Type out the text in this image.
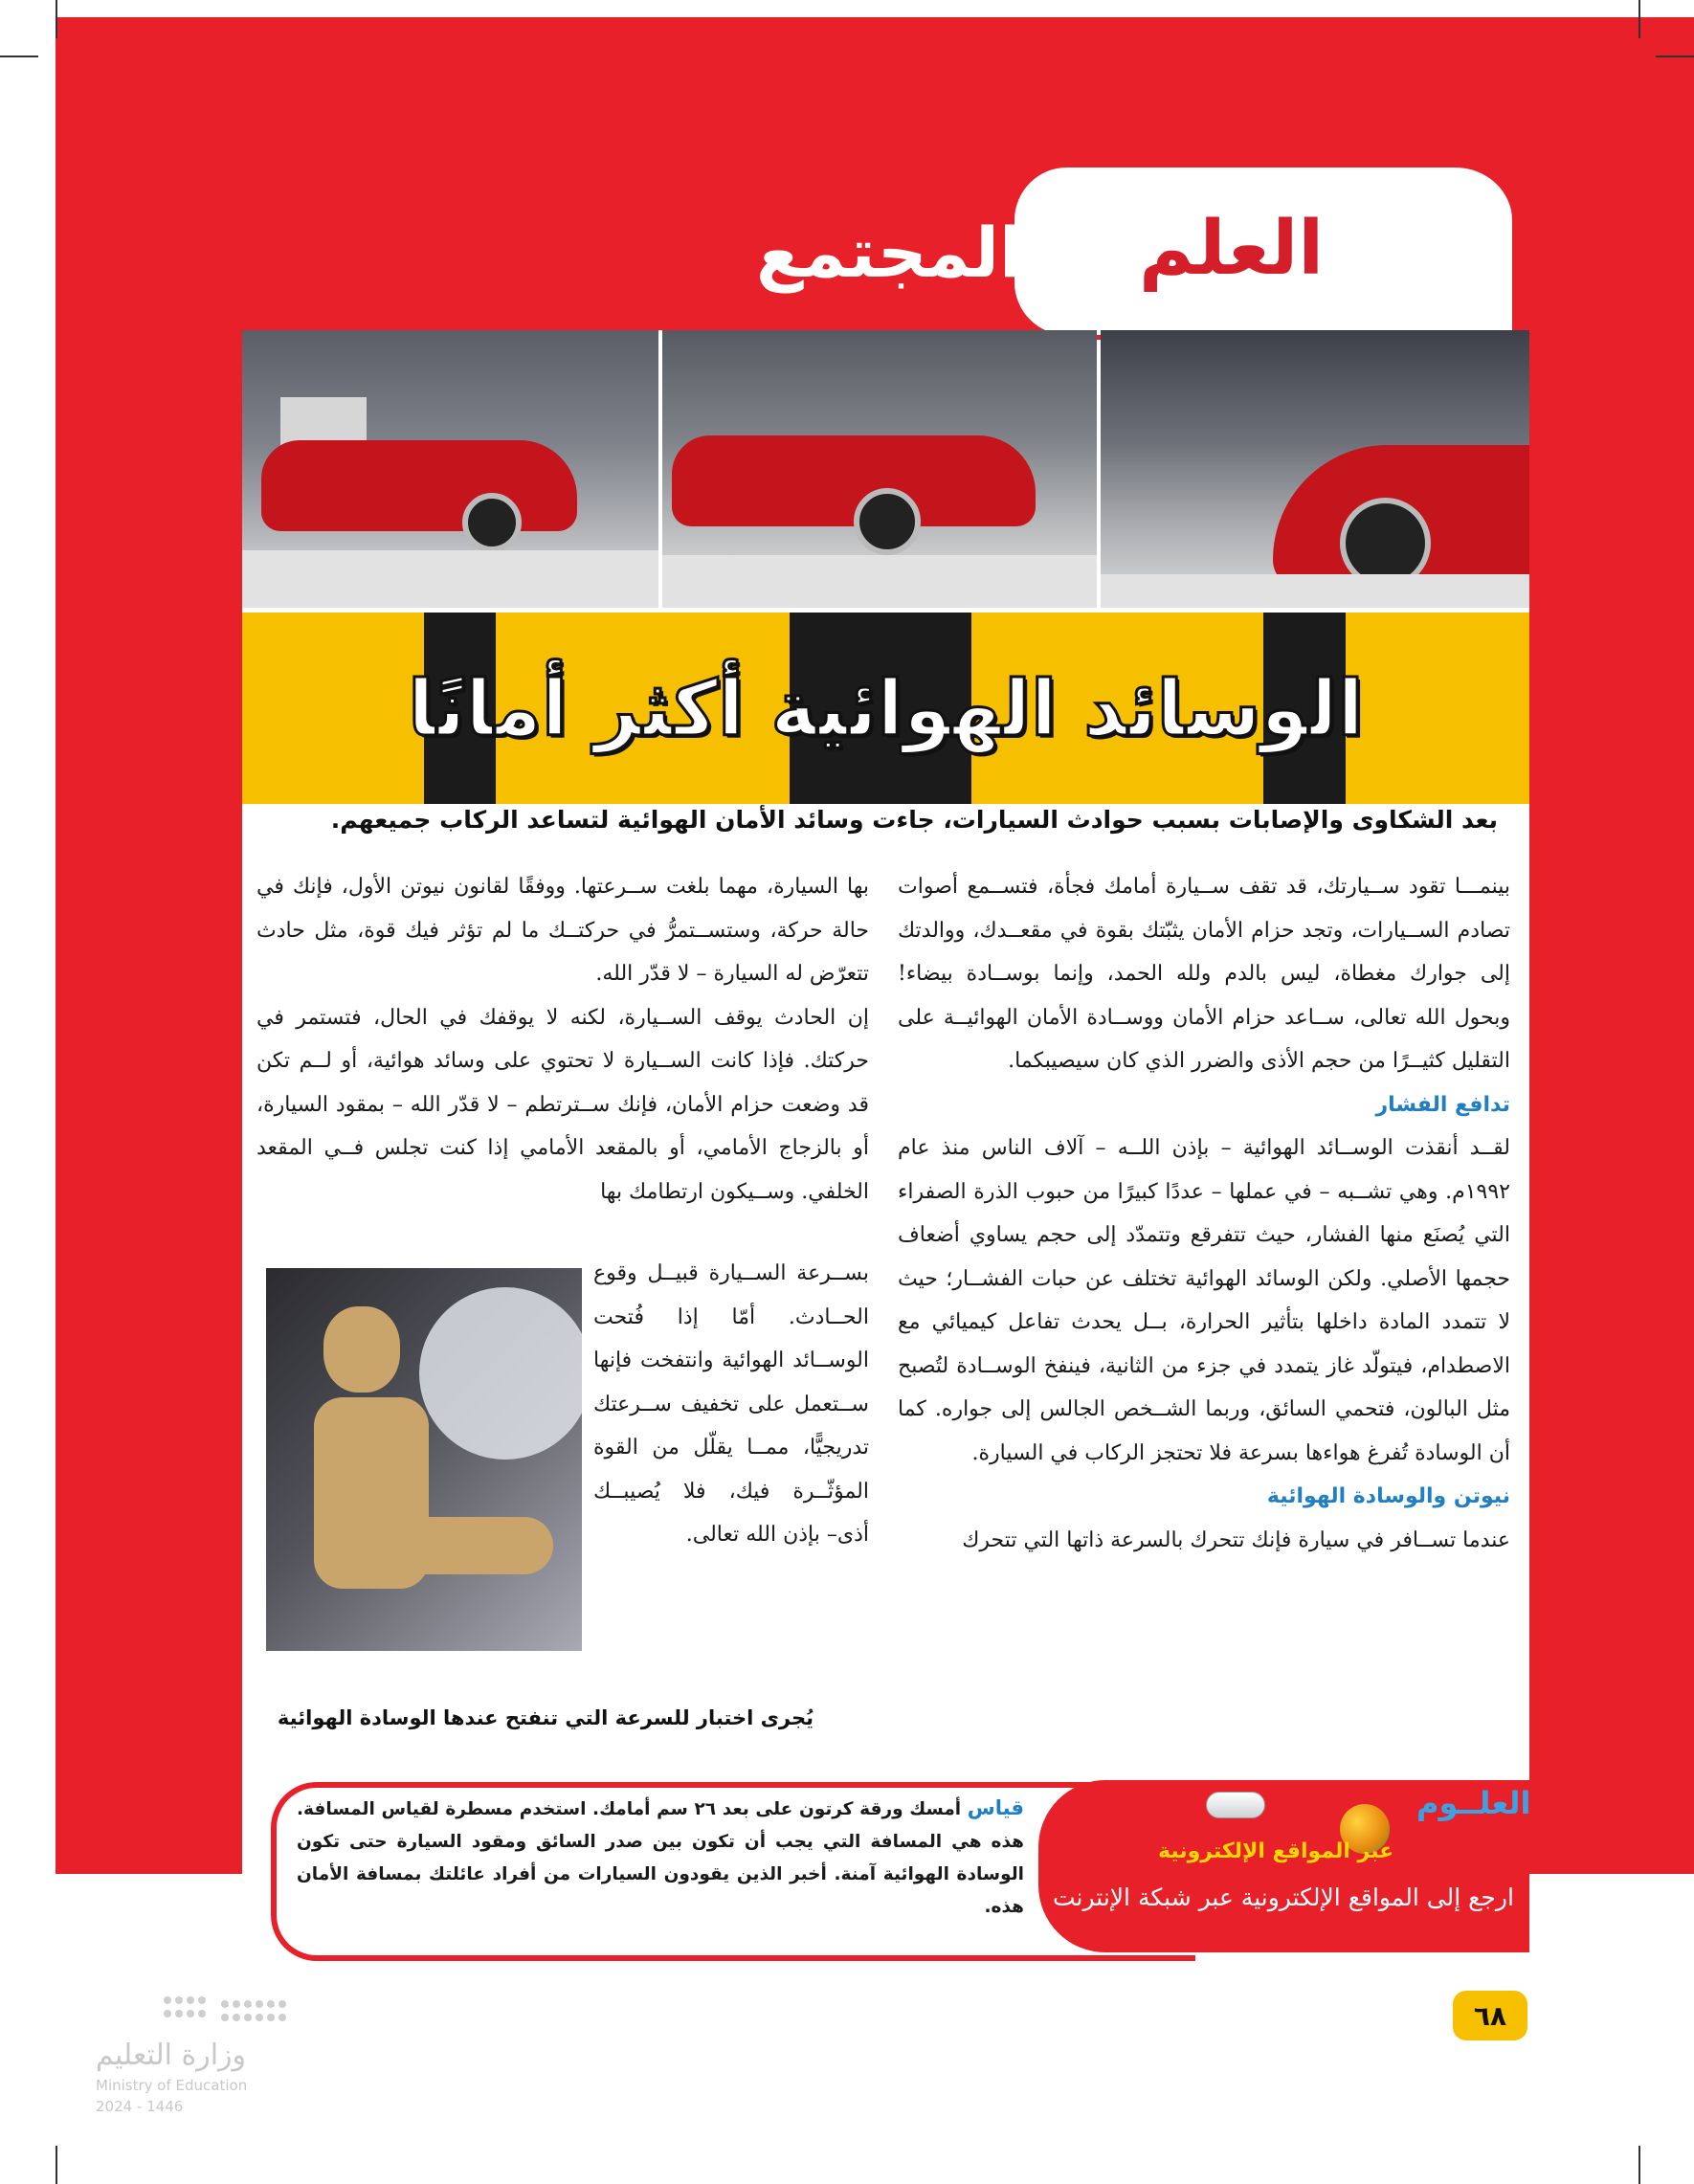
العلم
والمجتمع
الوسائد الهوائية أكثر أمانًا
بعد الشكاوى والإصابات بسبب حوادث السيارات، جاءت وسائد الأمان الهوائية لتساعد الركاب جميعهم.

بينمـــا تقود ســيارتك، قد تقف ســيارة أمامك فجأة، فتســمع أصوات تصادم الســيارات، وتجد حزام الأمان يثبّتك بقوة في مقعــدك، ووالدتك إلى جوارك مغطاة، ليس بالدم ولله الحمد، وإنما بوســادة بيضاء! وبحول الله تعالى، ســاعد حزام الأمان ووســادة الأمان الهوائيــة على التقليل كثيــرًا من حجم الأذى والضرر الذي كان سيصيبكما.

تدافع الفشار

لقــد أنقذت الوســائد الهوائية – بإذن اللــه – آلاف الناس منذ عام ١٩٩٢م. وهي تشــبه – في عملها – عددًا كبيرًا من حبوب الذرة الصفراء التي يُصنَع منها الفشار، حيث تتفرقع وتتمدّد إلى حجم يساوي أضعاف حجمها الأصلي. ولكن الوسائد الهوائية تختلف عن حبات الفشــار؛ حيث لا تتمدد المادة داخلها بتأثير الحرارة، بــل يحدث تفاعل كيميائي مع الاصطدام، فيتولّد غاز يتمدد في جزء من الثانية، فينفخ الوســادة لتُصبح مثل البالون، فتحمي السائق، وربما الشــخص الجالس إلى جواره. كما أن الوسادة تُفرغ هواءها بسرعة فلا تحتجز الركاب في السيارة.

نيوتن والوسادة الهوائية

عندما تســافر في سيارة فإنك تتحرك بالسرعة ذاتها التي تتحرك

بها السيارة، مهما بلغت ســرعتها. ووفقًا لقانون نيوتن الأول، فإنك في حالة حركة، وستســتمرُّ في حركتــك ما لم تؤثر فيك قوة، مثل حادث تتعرّض له السيارة – لا قدّر الله.

إن الحادث يوقف الســيارة، لكنه لا يوقفك في الحال، فتستمر في حركتك. فإذا كانت الســيارة لا تحتوي على وسائد هوائية، أو لــم تكن قد وضعت حزام الأمان، فإنك ســترتطم – لا قدّر الله – بمقود السيارة، أو بالزجاج الأمامي، أو بالمقعد الأمامي إذا كنت تجلس فــي المقعد الخلفي. وســيكون ارتطامك بها

بســرعة الســيارة قبيــل وقوع الحــادث. أمّا إذا فُتحت الوســائد الهوائية وانتفخت فإنها ســتعمل على تخفيف ســرعتك تدريجيًّا، ممــا يقلّل من القوة المؤثّــرة فيك، فلا يُصيبــك أذى– بإذن الله تعالى.

يُجرى اختبار للسرعة التي تنفتح عندها الوسادة الهوائية
قياس أمسك ورقة كرتون على بعد ٢٦ سم أمامك. استخدم مسطرة لقياس المسافة. هذه هي المسافة التي يجب أن تكون بين صدر السائق ومقود السيارة حتى تكون الوسادة الهوائية آمنة. أخبر الذين يقودون السيارات من أفراد عائلتك بمسافة الأمان هذه.
العلــوم
عبر المواقع الإلكترونية
ارجع إلى المواقع الإلكترونية عبر شبكة الإنترنت
٦٨
وزارة التعليم
Ministry of Education
2024 - 1446
